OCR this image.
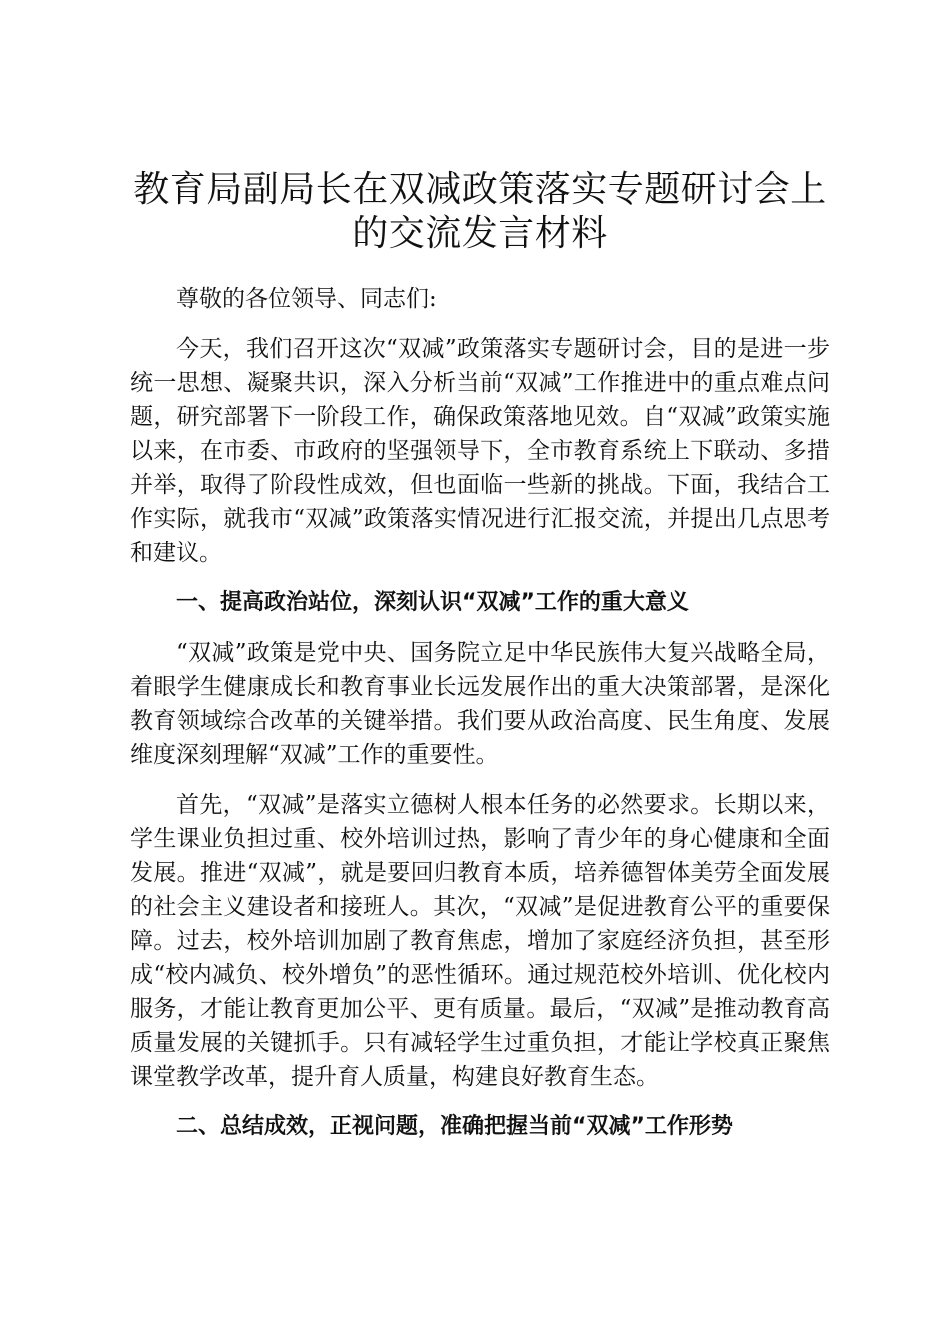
教育局副局长在双减政策落实专题研讨会上的交流发言材料

尊敬的各位领导、同志们:

今天，我们召开这次“双减”政策落实专题研讨会，目的是进一步统一思想、凝聚共识，深入分析当前“双减”工作推进中的重点难点问题，研究部署下一阶段工作，确保政策落地见效。自“双减”政策实施以来，在市委、市政府的坚强领导下，全市教育系统上下联动、多措并举，取得了阶段性成效，但也面临一些新的挑战。下面，我结合工作实际，就我市“双减”政策落实情况进行汇报交流，并提出几点思考和建议。

一、提高政治站位，深刻认识“双减”工作的重大意义

“双减”政策是党中央、国务院立足中华民族伟大复兴战略全局，着眼学生健康成长和教育事业长远发展作出的重大决策部署，是深化教育领域综合改革的关键举措。我们要从政治高度、民生角度、发展维度深刻理解“双减”工作的重要性。

首先，“双减”是落实立德树人根本任务的必然要求。长期以来，学生课业负担过重、校外培训过热，影响了青少年的身心健康和全面发展。推进“双减”，就是要回归教育本质，培养德智体美劳全面发展的社会主义建设者和接班人。其次，“双减”是促进教育公平的重要保障。过去，校外培训加剧了教育焦虑，增加了家庭经济负担，甚至形成“校内减负、校外增负”的恶性循环。通过规范校外培训、优化校内服务，才能让教育更加公平、更有质量。最后，“双减”是推动教育高质量发展的关键抓手。只有减轻学生过重负担，才能让学校真正聚焦课堂教学改革，提升育人质量，构建良好教育生态。

二、总结成效，正视问题，准确把握当前“双减”工作形势
